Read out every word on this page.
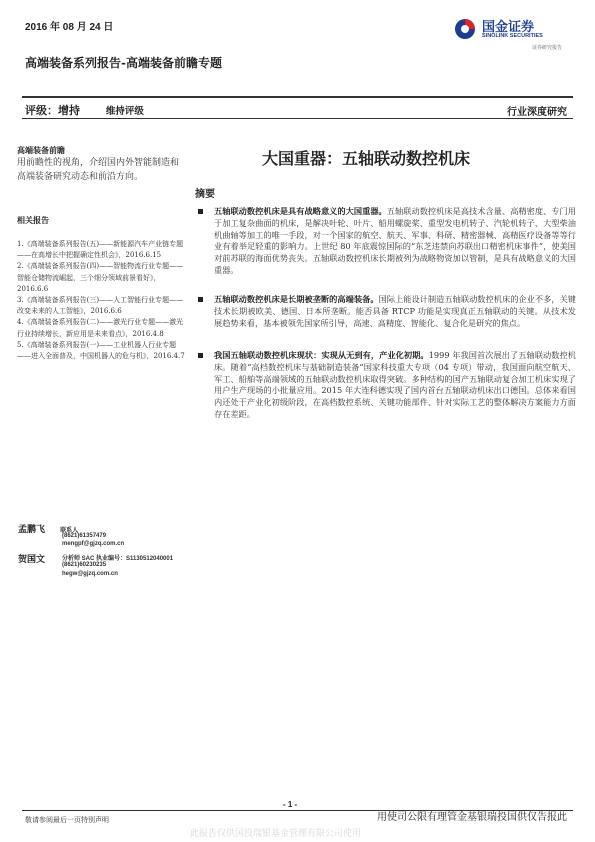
2016 年 08 月 24 日	国金证券
SINOLINK SECURITIES
证券研究报告
高端装备系列报告-高端装备前瞻专题
评级：增持	维持评级	行业深度研究
高端装备前瞻
用前瞻性的视角，介绍国内外智能制造和高端装备研究动态和前沿方向。
相关报告
1.《高端装备系列报告(五)——新能源汽车产业链专题——在高增长中把握确定性机会》，2016.6.15
2.《高端装备系列报告(四)——智能物流行业专题——智能仓储物流崛起，三个细分领域前景看好》，2016.6.6
3.《高端装备系列报告(三)——人工智能行业专题——改变未来的人工智能》，2016.6.6
4.《高端装备系列报告(二)——激光行业专题——激光行业持续增长，新应用是未来看点》，2016.4.8
5.《高端装备系列报告(一)——工业机器人行业专题——进入全面普及，中国机器人的危与机》，2016.4.7
孟鹏飞	联系人
(8621)61357479
mengpf@gjzq.com.cn
贺国文	分析师 SAC 执业编号：S1130512040001
(8621)60230235
hegw@gjzq.com.cn
大国重器：五轴联动数控机床
摘要
五轴联动数控机床是具有战略意义的大国重器。五轴联动数控机床是高技术含量、高精密度、专门用于加工复杂曲面的机床，是解决叶轮、叶片、船用螺旋桨、重型发电机转子、汽轮机转子、大型柴油机曲轴等加工的唯一手段，对一个国家的航空、航天、军事、科研、精密器械、高精医疗设备等等行业有着举足轻重的影响力。上世纪 80 年底震惊国际的“东芝违禁向苏联出口精密机床事件”，使美国对前苏联的海面优势丧失。五轴联动数控机床长期被列为战略物资加以管制，是具有战略意义的大国重器。
五轴联动数控机床是长期被垄断的高端装备。国际上能设计制造五轴联动数控机床的企业不多，关键技术长期被欧美、德国、日本所垄断。能否具备 RTCP 功能是实现真正五轴联动的关键。从技术发展趋势来看，基本被领先国家所引导，高速、高精度、智能化、复合化是研究的焦点。
我国五轴联动数控机床现状：实现从无到有，产业化初期。1999 年我国首次展出了五轴联动数控机床。随着“高档数控机床与基础制造装备”国家科技重大专项（04 专项）带动，我国面向航空航天、军工、船舶等高端领域的五轴联动数控机床取得突破。多种结构的国产五轴联动复合加工机床实现了用户生产现场的小批量应用。2015 年大连科德实现了国内首台五轴联动机床出口德国。总体来看国内还处于产业化初级阶段，在高档数控系统、关键功能部件、针对实际工艺的整体解决方案能力方面存在差距。
- 1 -
敬请参阅最后一页特别声明	用使司公限有理管金基银瑞投国供仅告报此
此报告仅供国投瑞银基金管理有限公司使用
